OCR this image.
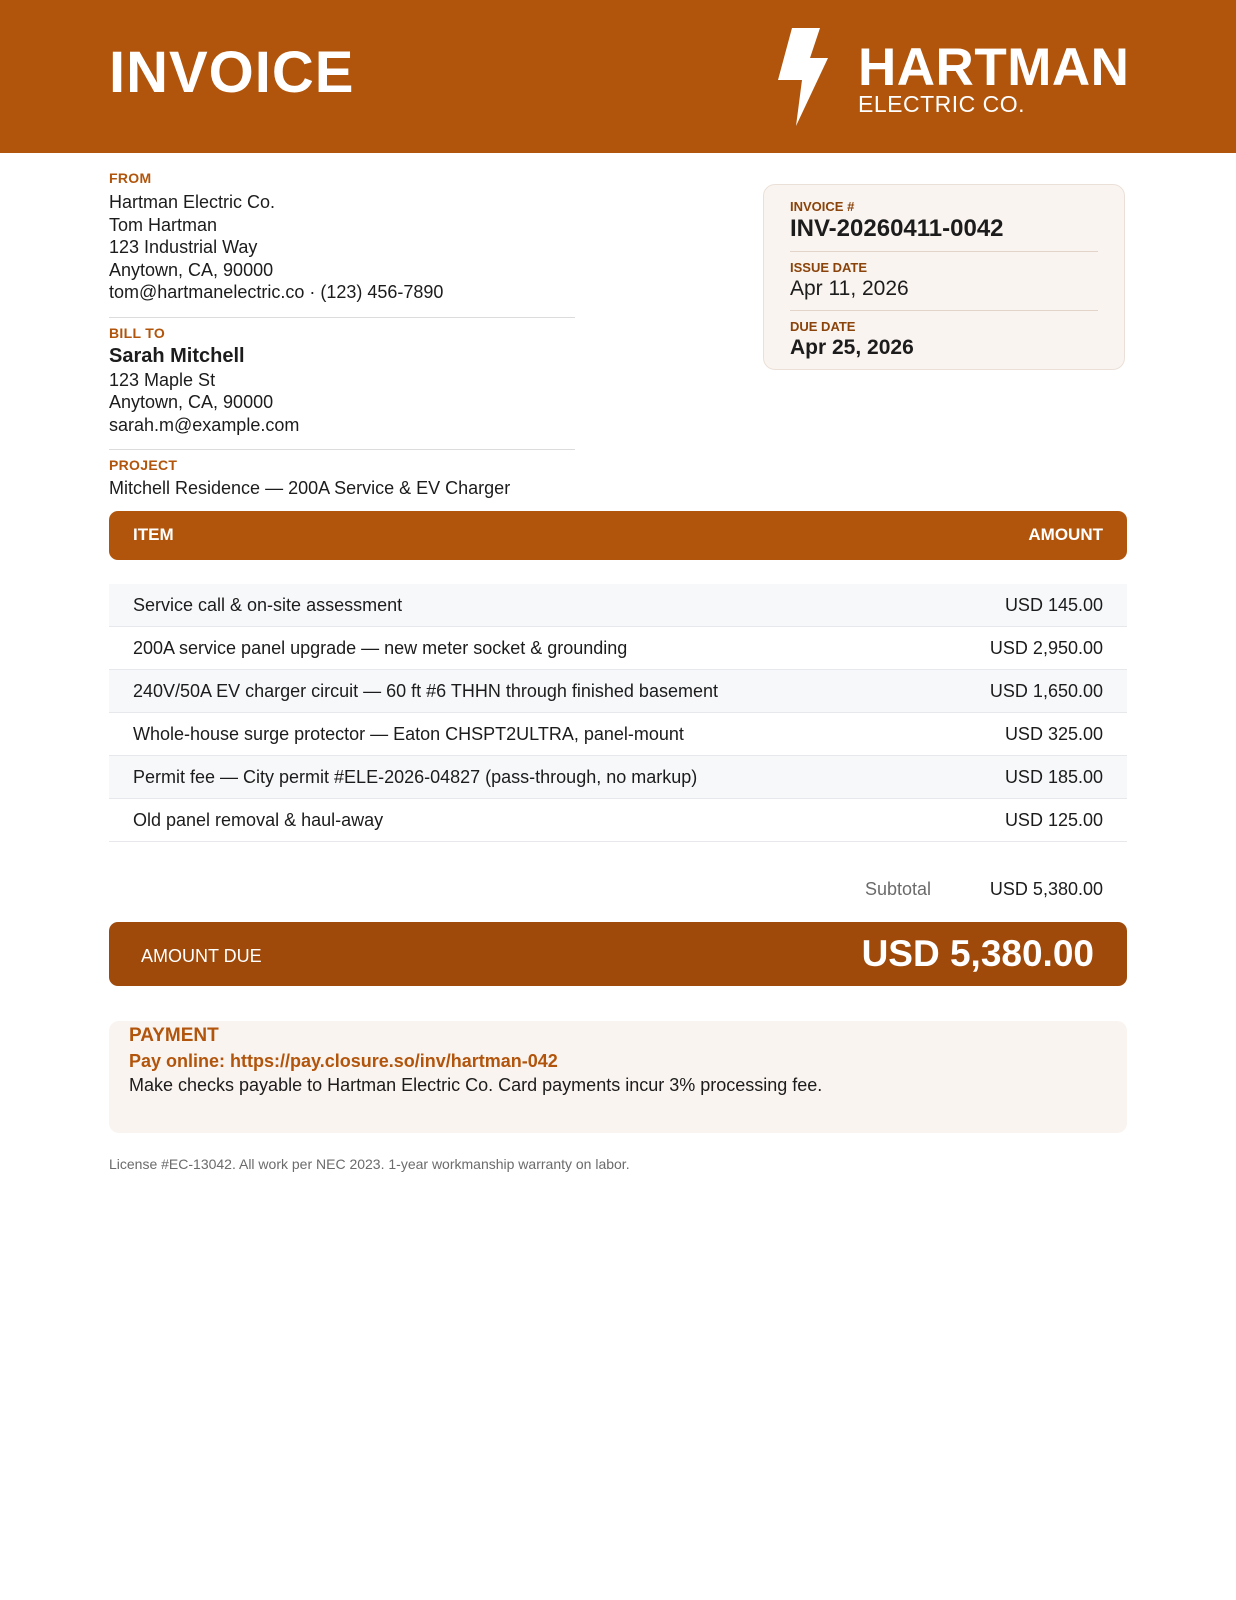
INVOICE	HARTMAN
ELECTRIC CO.
FROM
Hartman Electric Co.
Tom Hartman
123 Industrial Way
Anytown, CA, 90000
tom@hartmanelectric.co · (123) 456-7890
BILL TO
Sarah Mitchell
123 Maple St
Anytown, CA, 90000
sarah.m@example.com
PROJECT
Mitchell Residence — 200A Service & EV Charger
INVOICE #
INV-20260411-0042
ISSUE DATE
Apr 11, 2026
DUE DATE
Apr 25, 2026
ITEM	AMOUNT
Service call & on-site assessment	USD 145.00
200A service panel upgrade — new meter socket & grounding	USD 2,950.00
240V/50A EV charger circuit — 60 ft #6 THHN through finished basement	USD 1,650.00
Whole-house surge protector — Eaton CHSPT2ULTRA, panel-mount	USD 325.00
Permit fee — City permit #ELE-2026-04827 (pass-through, no markup)	USD 185.00
Old panel removal & haul-away	USD 125.00
Subtotal	USD 5,380.00
AMOUNT DUE	USD 5,380.00
PAYMENT
Pay online: https://pay.closure.so/inv/hartman-042
Make checks payable to Hartman Electric Co. Card payments incur 3% processing fee.
License #EC-13042. All work per NEC 2023. 1-year workmanship warranty on labor.
